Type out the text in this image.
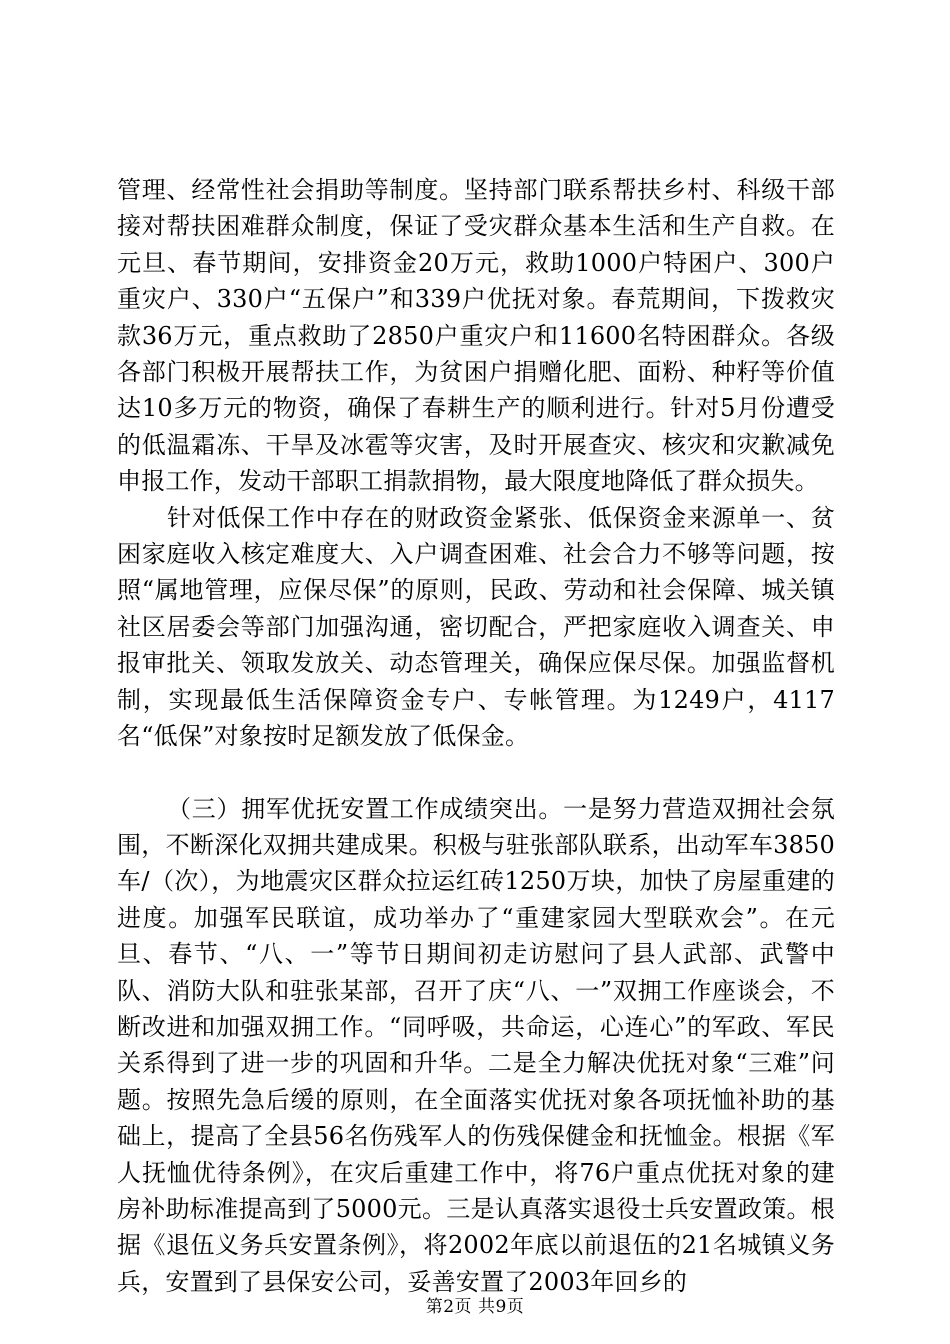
管理、经常性社会捐助等制度。坚持部门联系帮扶乡村、科级干部接对帮扶困难群众制度，保证了受灾群众基本生活和生产自救。在元旦、春节期间，安排资金20万元，救助1000户特困户、300户重灾户、330户“五保户”和339户优抚对象。春荒期间，下拨救灾款36万元，重点救助了2850户重灾户和11600名特困群众。各级各部门积极开展帮扶工作，为贫困户捐赠化肥、面粉、种籽等价值达10多万元的物资，确保了春耕生产的顺利进行。针对5月份遭受的低温霜冻、干旱及冰雹等灾害，及时开展查灾、核灾和灾歉减免申报工作，发动干部职工捐款捐物，最大限度地降低了群众损失。

针对低保工作中存在的财政资金紧张、低保资金来源单一、贫困家庭收入核定难度大、入户调查困难、社会合力不够等问题，按照“属地管理，应保尽保”的原则，民政、劳动和社会保障、城关镇社区居委会等部门加强沟通，密切配合，严把家庭收入调查关、申报审批关、领取发放关、动态管理关，确保应保尽保。加强监督机制，实现最低生活保障资金专户、专帐管理。为1249户，4117名“低保”对象按时足额发放了低保金。

（三）拥军优抚安置工作成绩突出。一是努力营造双拥社会氛围，不断深化双拥共建成果。积极与驻张部队联系，出动军车3850车/（次），为地震灾区群众拉运红砖1250万块，加快了房屋重建的进度。加强军民联谊，成功举办了“重建家园大型联欢会”。在元旦、春节、“八、一”等节日期间初走访慰问了县人武部、武警中队、消防大队和驻张某部，召开了庆“八、一”双拥工作座谈会，不断改进和加强双拥工作。“同呼吸，共命运，心连心”的军政、军民关系得到了进一步的巩固和升华。二是全力解决优抚对象“三难”问题。按照先急后缓的原则，在全面落实优抚对象各项抚恤补助的基础上，提高了全县56名伤残军人的伤残保健金和抚恤金。根据《军人抚恤优待条例》，在灾后重建工作中，将76户重点优抚对象的建房补助标准提高到了5000元。三是认真落实退役士兵安置政策。根据《退伍义务兵安置条例》，将2002年底以前退伍的21名城镇义务兵，安置到了县保安公司，妥善安置了2003年回乡的

第2页 共9页
